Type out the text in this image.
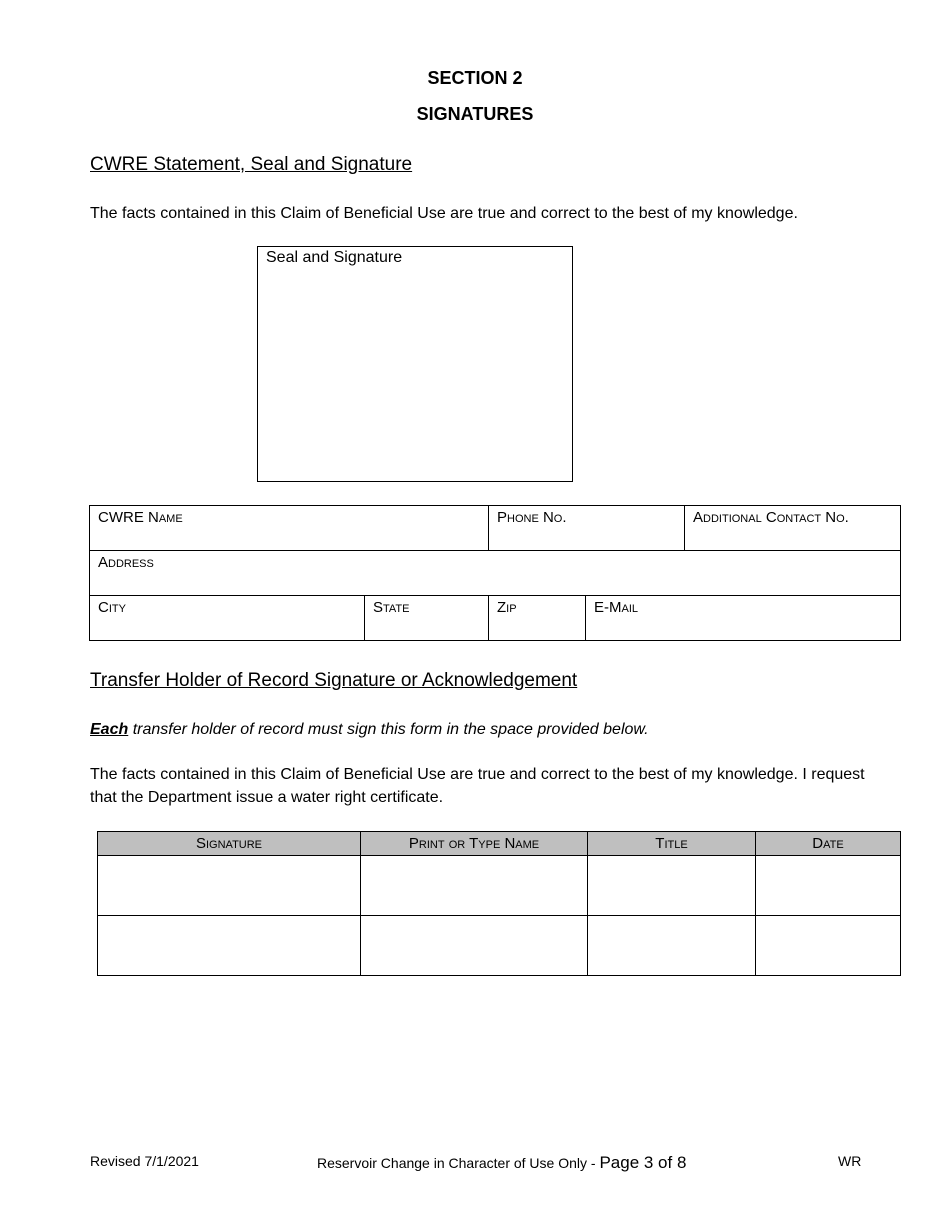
SECTION 2
SIGNATURES
CWRE Statement, Seal and Signature
The facts contained in this Claim of Beneficial Use are true and correct to the best of my knowledge.
Seal and Signature
CWRE Name		Phone No.		Additional Contact No.
Address				
City	State	Zip	E-Mail	
Transfer Holder of Record Signature or Acknowledgement
Each transfer holder of record must sign this form in the space provided below.
The facts contained in this Claim of Beneficial Use are true and correct to the best of my knowledge. I request that the Department issue a water right certificate.
Signature	Print or Type Name	Title	Date

Revised 7/1/2021	Reservoir Change in Character of Use Only - Page 3 of 8	WR
